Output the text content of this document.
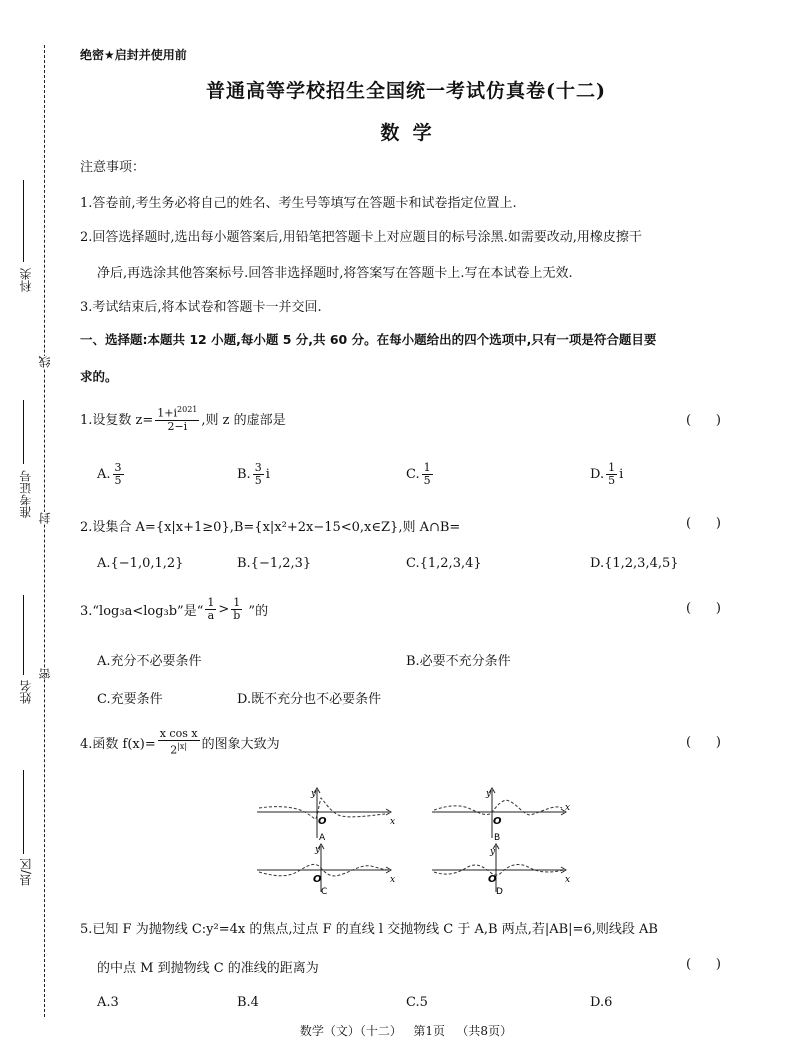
科类
准考证号
姓名
县/区
线
封
密
绝密★启封并使用前
普通高等学校招生全国统一考试仿真卷(十二)
数  学
注意事项：
1.答卷前,考生务必将自己的姓名、考生号等填写在答题卡和试卷指定位置上.
2.回答选择题时,选出每小题答案后,用铅笔把答题卡上对应题目的标号涂黑.如需要改动,用橡皮擦干
净后,再选涂其他答案标号.回答非选择题时,将答案写在答题卡上.写在本试卷上无效.
3.考试结束后,将本试卷和答题卡一并交回.
一、选择题:本题共 12 小题,每小题 5 分,共 60 分。在每小题给出的四个选项中,只有一项是符合题目要
求的。
1.设复数 $z= \frac{1+i^{2021}}{2-i}$ ,则 z 的虚部是	(      )
A. $\frac{3}{5}$	B. $\frac{3}{5}$ i	C. $\frac{1}{5}$	D. $\frac{1}{5}$ i
2.设集合 A={x|x+1≥0},B={x|x²+2x−15<0,x∈Z},则 A∩B=	(      )
A.{−1,0,1,2}	B.{−1,2,3}	C.{1,2,3,4}	D.{1,2,3,4,5}
3.“log₃a<log₃b”是“ $\frac{1}{a} > \frac{1}{b}$ ”的	(      )
A.充分不必要条件	B.必要不充分条件
C.充要条件	D.既不充分也不必要条件
4.函数 $f(x)= \frac{\text{x cos x}}{2^{|x|}}$ 的图象大致为	(      )
y
x
O
A
y
x
O
B
y
x
O
C
y
x
O
D
5.已知 F 为抛物线 C:y²=4x 的焦点,过点 F 的直线 l 交抛物线 C 于 A,B 两点,若|AB|=6,则线段 AB
的中点 M 到抛物线 C 的准线的距离为	(      )
A.3	B.4	C.5	D.6
数学（文）（十二）   第1页   （共8页）
